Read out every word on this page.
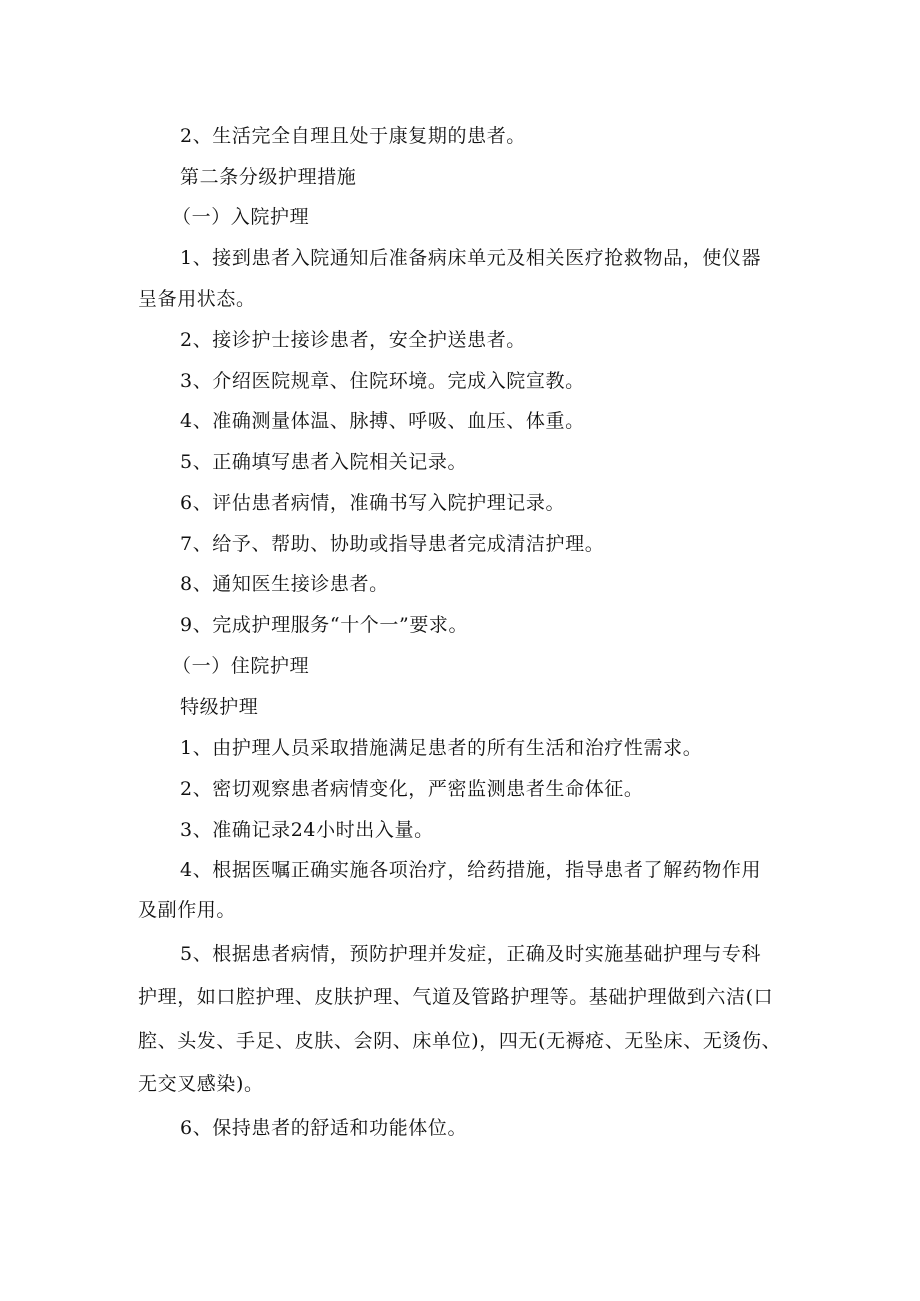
2、生活完全自理且处于康复期的患者。
第二条分级护理措施
（一）入院护理
1、接到患者入院通知后准备病床单元及相关医疗抢救物品，使仪器
呈备用状态。
2、接诊护士接诊患者，安全护送患者。
3、介绍医院规章、住院环境。完成入院宣教。
4、准确测量体温、脉搏、呼吸、血压、体重。
5、正确填写患者入院相关记录。
6、评估患者病情，准确书写入院护理记录。
7、给予、帮助、协助或指导患者完成清洁护理。
8、通知医生接诊患者。
9、完成护理服务“十个一”要求。
（一）住院护理
特级护理
1、由护理人员采取措施满足患者的所有生活和治疗性需求。
2、密切观察患者病情变化，严密监测患者生命体征。
3、准确记录24小时出入量。
4、根据医嘱正确实施各项治疗，给药措施，指导患者了解药物作用
及副作用。
5、根据患者病情，预防护理并发症，正确及时实施基础护理与专科
护理，如口腔护理、皮肤护理、气道及管路护理等。基础护理做到六洁(口
腔、头发、手足、皮肤、会阴、床单位)，四无(无褥疮、无坠床、无烫伤、
无交叉感染)。
6、保持患者的舒适和功能体位。
